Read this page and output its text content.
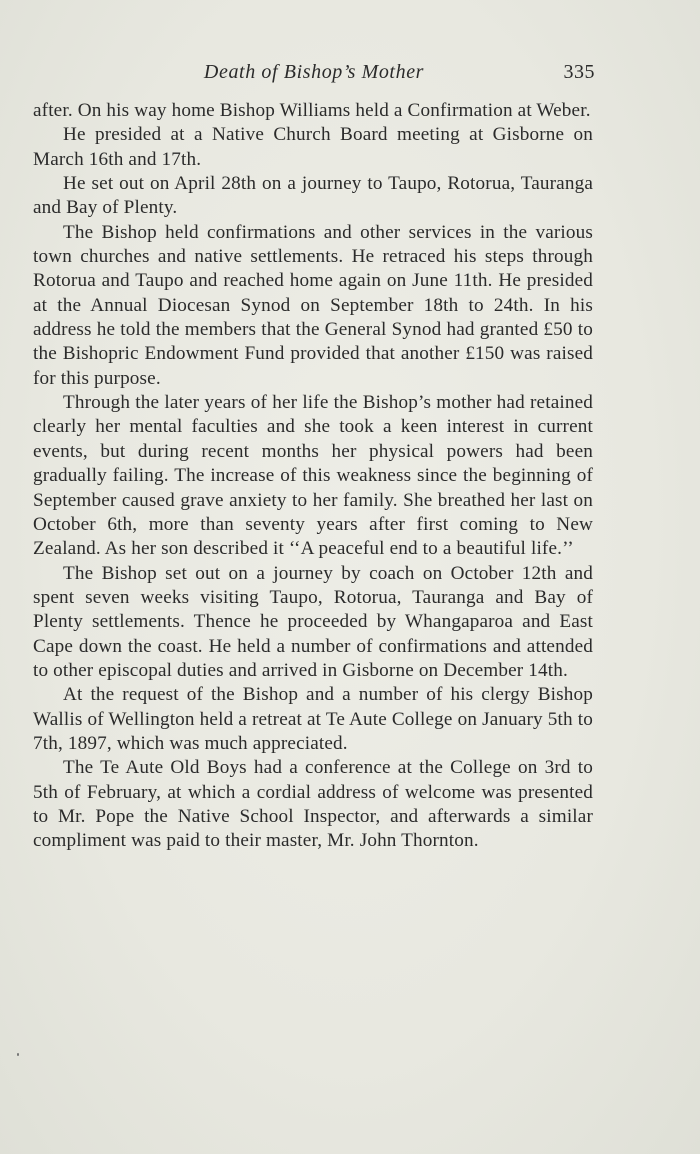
Death of Bishop’s Mother	335

after. On his way home Bishop Williams held a Confirmation at Weber.

He presided at a Native Church Board meeting at Gisborne on March 16th and 17th.

He set out on April 28th on a journey to Taupo, Rotorua, Tauranga and Bay of Plenty.

The Bishop held confirmations and other services in the various town churches and native settlements. He retraced his steps through Rotorua and Taupo and reached home again on June 11th. He presided at the Annual Diocesan Synod on September 18th to 24th. In his address he told the members that the General Synod had granted £50 to the Bishopric Endowment Fund provided that another £150 was raised for this purpose.

Through the later years of her life the Bishop’s mother had retained clearly her mental faculties and she took a keen interest in current events, but during recent months her physical powers had been gradually failing. The increase of this weakness since the beginning of September caused grave anxiety to her family. She breathed her last on October 6th, more than seventy years after first coming to New Zealand. As her son described it ‘‘A peaceful end to a beautiful life.’’

The Bishop set out on a journey by coach on October 12th and spent seven weeks visiting Taupo, Rotorua, Tauranga and Bay of Plenty settlements. Thence he proceeded by Whangaparoa and East Cape down the coast. He held a number of confirmations and attended to other episcopal duties and arrived in Gisborne on December 14th.

At the request of the Bishop and a number of his clergy Bishop Wallis of Wellington held a retreat at Te Aute College on January 5th to 7th, 1897, which was much appreciated.

The Te Aute Old Boys had a conference at the College on 3rd to 5th of February, at which a cordial address of welcome was presented to Mr. Pope the Native School Inspector, and afterwards a similar compliment was paid to their master, Mr. John Thornton.
